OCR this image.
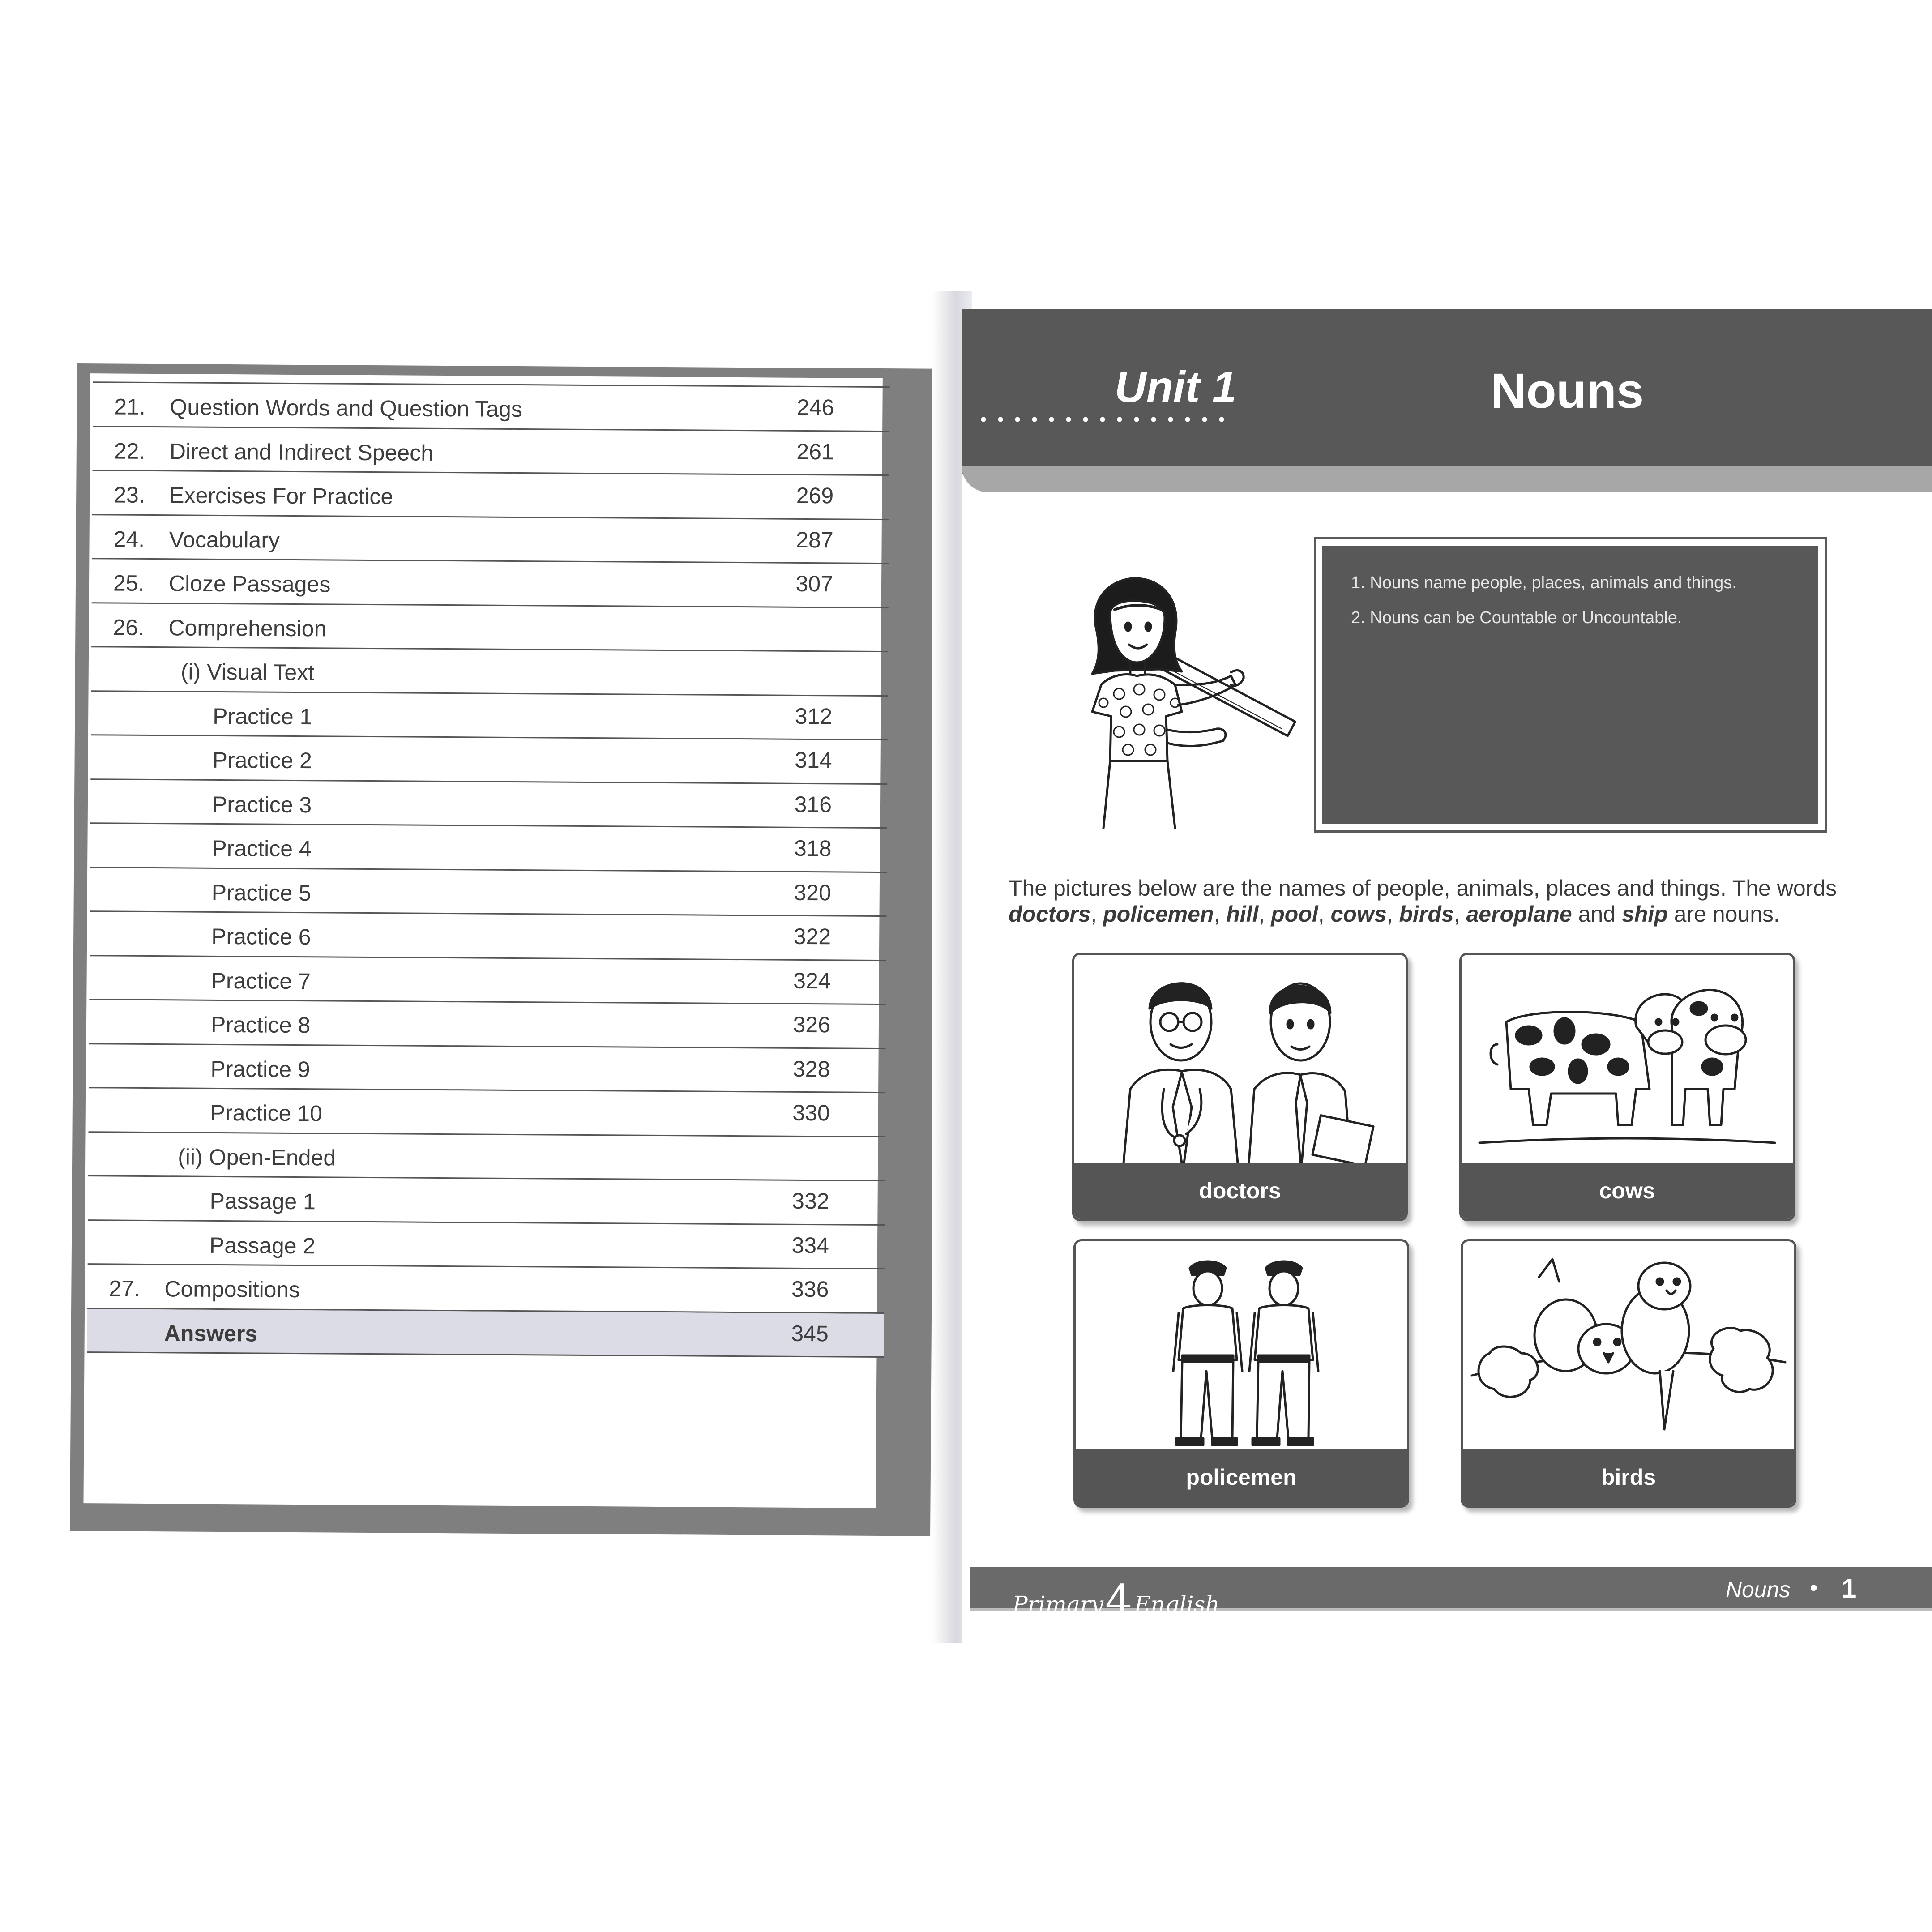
21. Question Words and Question Tags	246
22. Direct and Indirect Speech	261
23. Exercises For Practice	269
24. Vocabulary	287
25. Cloze Passages	307
26. Comprehension
(i) Visual Text
Practice 1	312
Practice 2	314
Practice 3	316
Practice 4	318
Practice 5	320
Practice 6	322
Practice 7	324
Practice 8	326
Practice 9	328
Practice 10	330
(ii) Open-Ended
Passage 1	332
Passage 2	334
27. Compositions	336
Answers	345
Unit 1	Nouns
1. Nouns name people, places, animals and things.
2. Nouns can be Countable or Uncountable.
The pictures below are the names of people, animals, places and things. The words
doctors, policemen, hill, pool, cows, birds, aeroplane and ship are nouns.
doctors	cows
policemen	birds
Primary4English
Nouns • 1
